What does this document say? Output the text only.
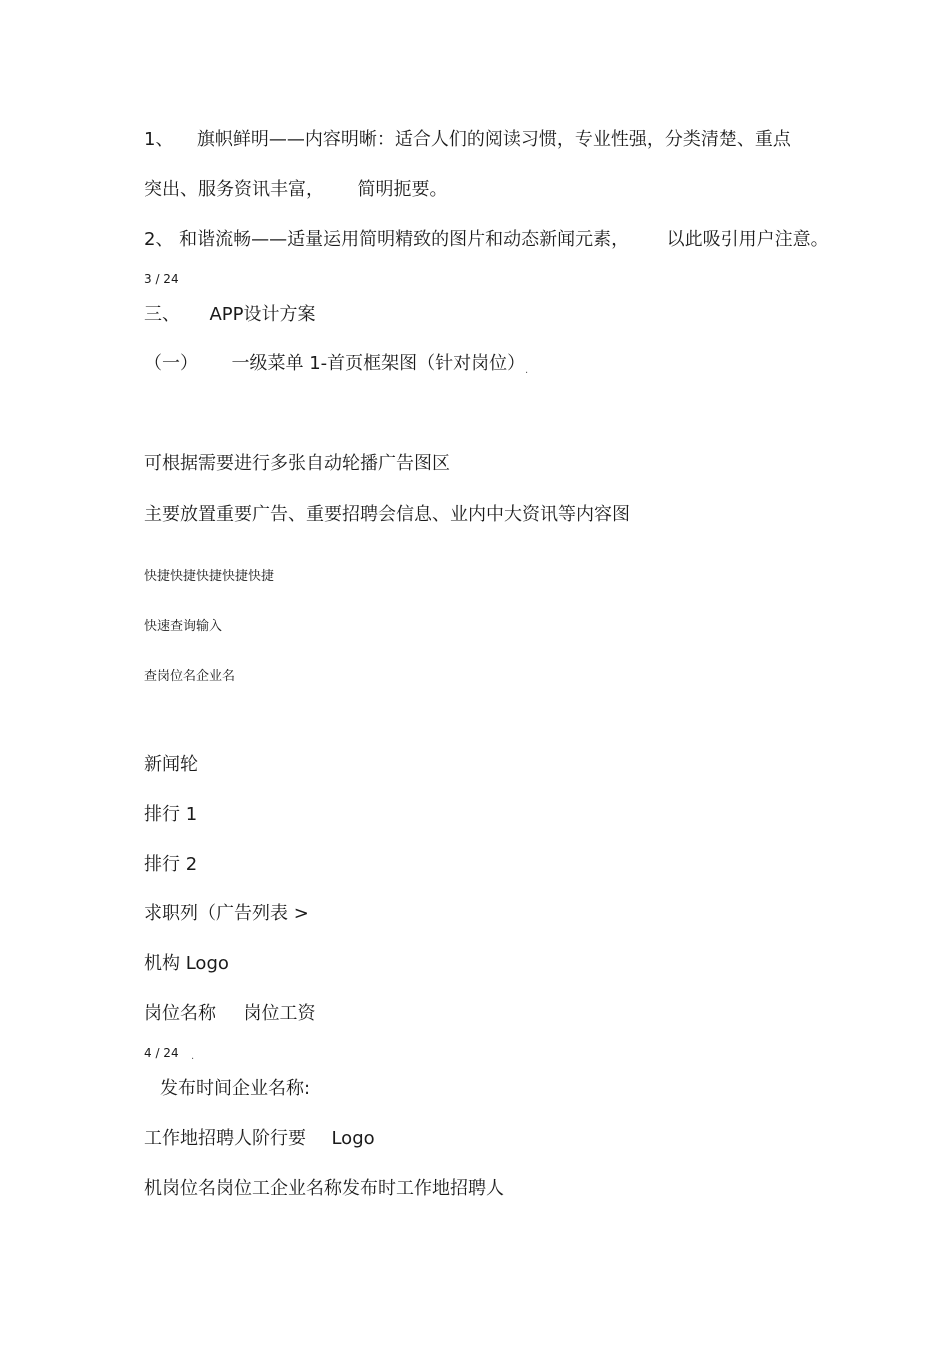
1、 旗帜鲜明——内容明晰：适合人们的阅读习惯，专业性强，分类清楚、重点
突出、服务资讯丰富， 简明扼要。
2、 和谐流畅——适量运用简明精致的图片和动态新闻元素， 以此吸引用户注意。
3 / 24
三、 APP设计方案
（一） 一级菜单 1-首页框架图（针对岗位） .
可根据需要进行多张自动轮播广告图区
主要放置重要广告、重要招聘会信息、业内中大资讯等内容图
快捷快捷快捷快捷快捷
快速查询输入
查岗位名企业名
新闻轮
排行 1
排行 2
求职列（广告列表 >
机构 Logo
岗位名称 岗位工资
4 / 24 .
发布时间企业名称:
工作地招聘人阶行要 Logo
机岗位名岗位工企业名称发布时工作地招聘人
